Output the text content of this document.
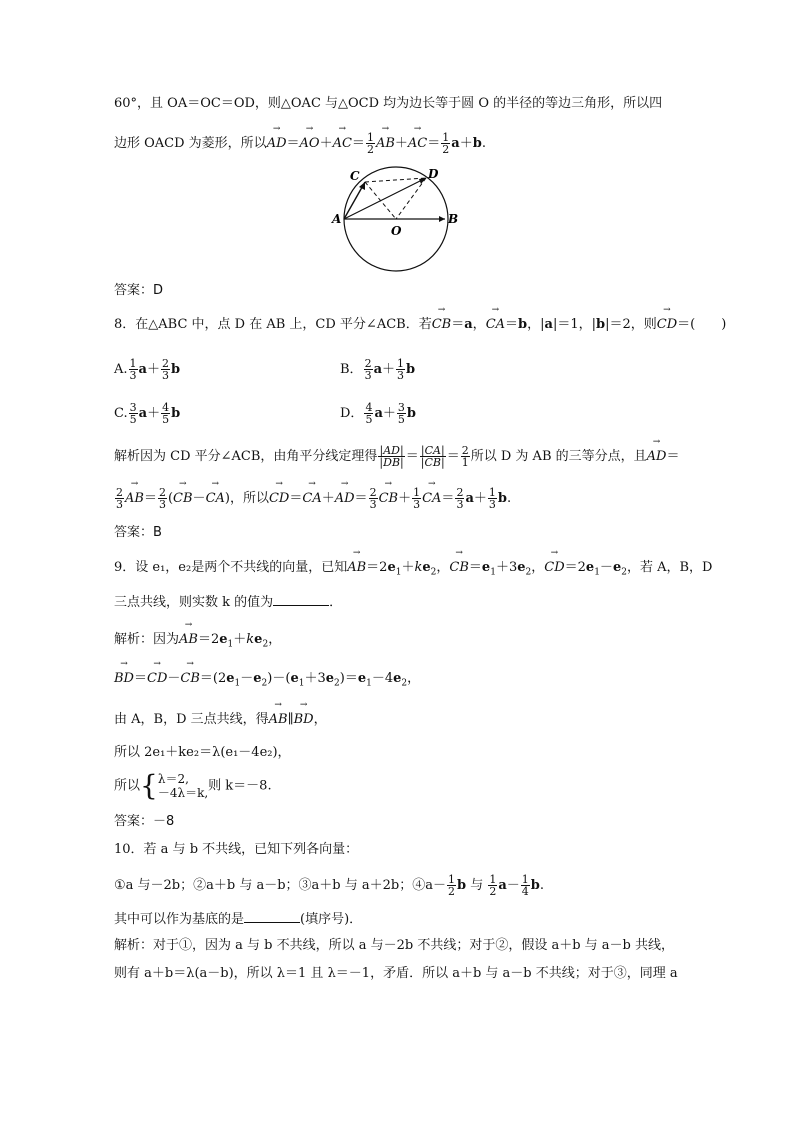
60°，且 OA＝OC＝OD，则△OAC 与△OCD 均为边长等于圆 O 的半径的等边三角形，所以四
边形 OACD 为菱形，所以→ $AD=\to AO+\to AC= \frac{1}{2}$
→ $AB+\to AC= \frac{1}{2} a+b$.
C	D
A	B
O
答案：D
8．在△ABC 中，点 D 在 AB 上，CD 平分∠ACB．若→ CB＝a，→ CA＝b，|a|＝1，|b|＝2，则→ CD＝(　　)
A. $\frac{1}{3} a+ \frac{2}{3}$ b	B． $\frac{2}{3} a+ \frac{1}{3}$ b
C. $\frac{3}{5} a+ \frac{4}{5}$ b	D． $\frac{4}{5} a+ \frac{3}{5}$ b
解析因为 CD 平分∠ACB，由角平分线定理得 $\frac{|AD|}{|DB|} = \frac{|CA|}{|CB|} = \frac{2}{1}$ 所以 D 为 AB 的三等分点，且→ AD＝
$\frac{2}{3}$
→ $AB= \frac{2}{3}$ (→ CB－→ CA)，所以→ $CD=\to CA+\to AD= \frac{2}{3}$
→ $CB+ \frac{1}{3}$
→ $CA= \frac{2}{3} a+ \frac{1}{3} b$.
答案：B
9．设 e₁，e₂是两个不共线的向量，已知→ $AB=2e_1+ke_2$，→ $CB=e_1+3e_2$，→ $CD=2e_1-e_2$，若 A，B，D
三点共线，则实数 k 的值为	．
解析：因为→ $AB=2e_1+ke_2$，
→ $BD=\to CD-\to CB=(2e_1-e_2)-(e_1+3e_2)=e_1-4e_2$，
由 A，B，D 三点共线，得→ AB∥→ BD，
所以 2e₁＋ke₂＝λ(e₁－4e₂)，
所以{ λ＝2,
－4λ＝k, 则 k＝－8.
答案：－8
10．若 a 与 b 不共线，已知下列各向量：
①a 与－2b；②a＋b 与 a－b；③a＋b 与 a＋2b；④a－ $\frac{1}{2}$ b 与 $\frac{1}{2} a- \frac{1}{4} b$.
其中可以作为基底的是	(填序号)．
解析：对于①，因为 a 与 b 不共线，所以 a 与－2b 不共线；对于②，假设 a＋b 与 a－b 共线，
则有 a＋b＝λ(a－b)，所以 λ＝1 且 λ＝－1，矛盾．所以 a＋b 与 a－b 不共线；对于③，同理 a
